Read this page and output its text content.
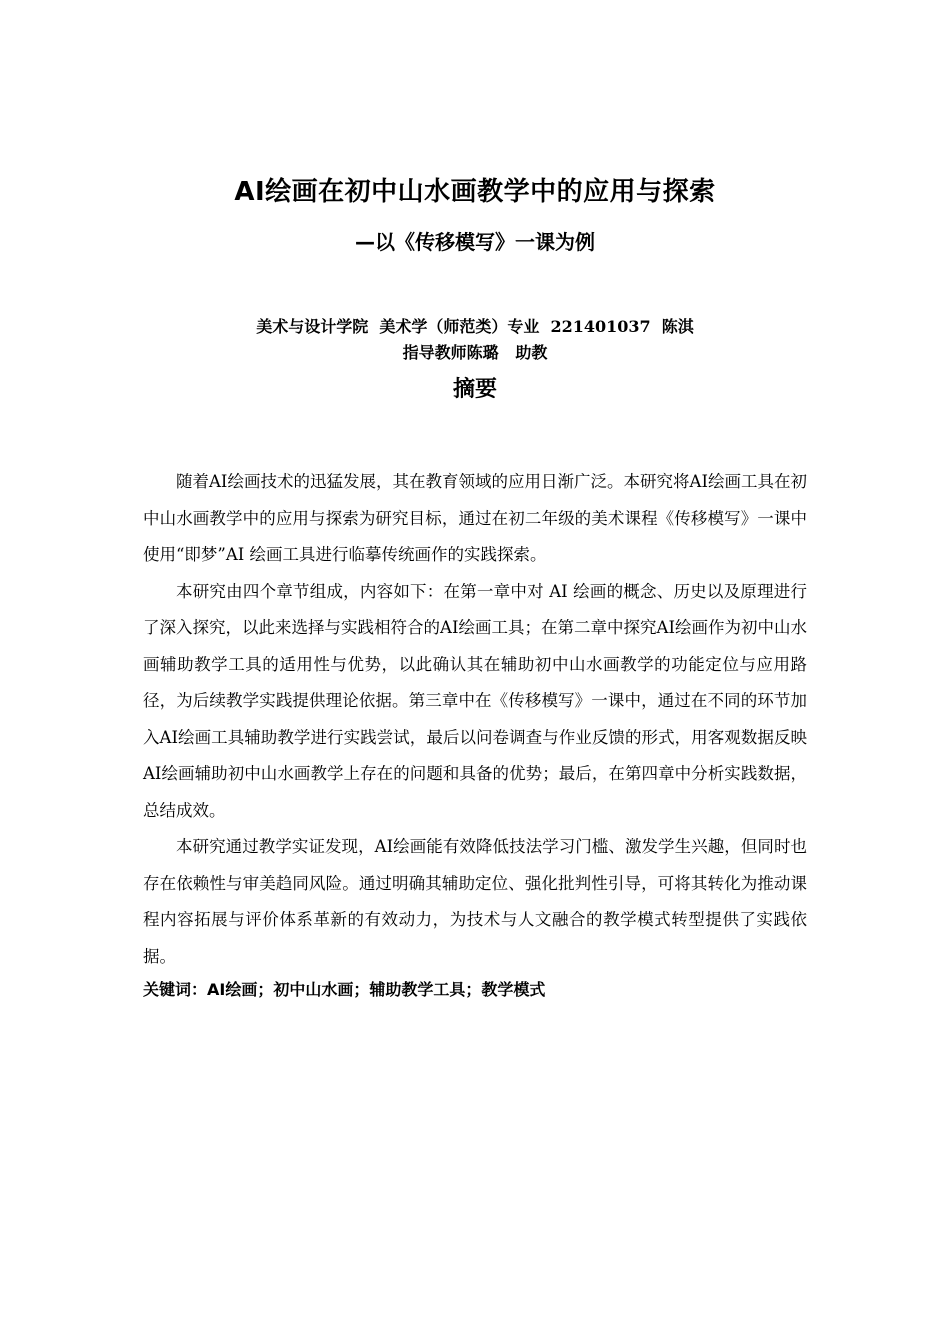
AI绘画在初中山水画教学中的应用与探索
—以《传移模写》一课为例
美术与设计学院  美术学（师范类）专业  221401037  陈淇
指导教师陈璐   助教
摘要

随着AI绘画技术的迅猛发展，其在教育领域的应用日渐广泛。本研究将AI绘画工具在初中山水画教学中的应用与探索为研究目标，通过在初二年级的美术课程《传移模写》一课中使用“即梦”AI 绘画工具进行临摹传统画作的实践探索。

本研究由四个章节组成，内容如下：在第一章中对 AI 绘画的概念、历史以及原理进行了深入探究，以此来选择与实践相符合的AI绘画工具；在第二章中探究AI绘画作为初中山水画辅助教学工具的适用性与优势，以此确认其在辅助初中山水画教学的功能定位与应用路径，为后续教学实践提供理论依据。第三章中在《传移模写》一课中，通过在不同的环节加入AI绘画工具辅助教学进行实践尝试，最后以问卷调查与作业反馈的形式，用客观数据反映AI绘画辅助初中山水画教学上存在的问题和具备的优势；最后，在第四章中分析实践数据，总结成效。

本研究通过教学实证发现，AI绘画能有效降低技法学习门槛、激发学生兴趣，但同时也存在依赖性与审美趋同风险。通过明确其辅助定位、强化批判性引导，可将其转化为推动课程内容拓展与评价体系革新的有效动力，为技术与人文融合的教学模式转型提供了实践依据。

关键词：AI绘画；初中山水画；辅助教学工具；教学模式
